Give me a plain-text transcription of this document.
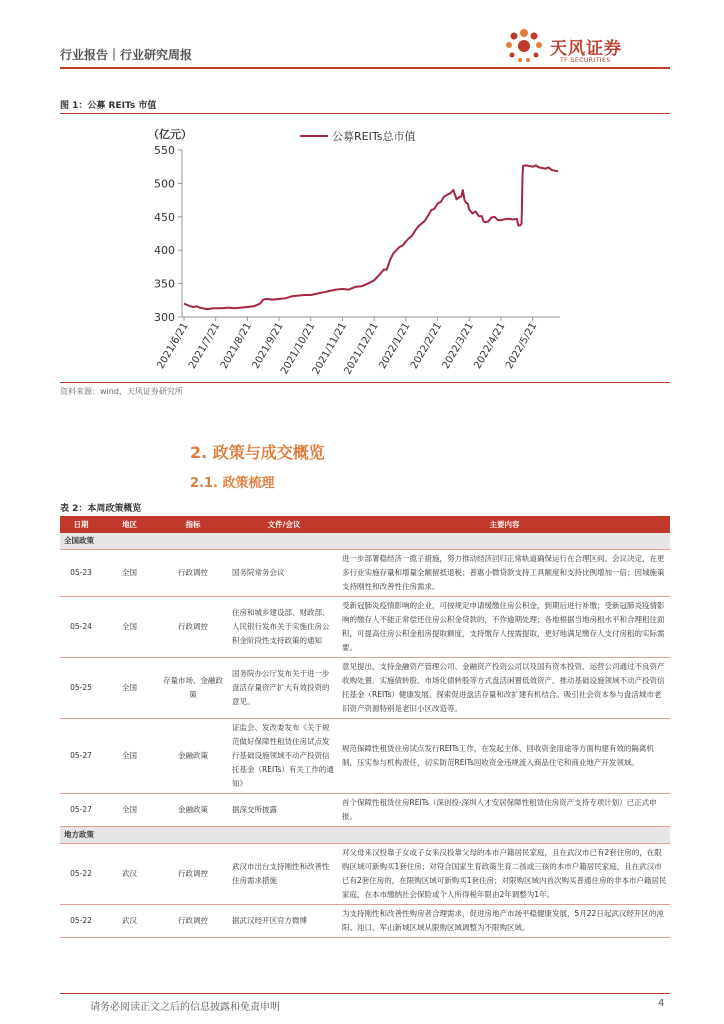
行业报告｜行业研究周报	天风证券
TF SECURITIES
图 1：公募 REITs 市值
300
350
400
450
500
550
（亿元）
2021/6/21
2021/7/21
2021/8/21
2021/9/21
2021/10/21
2021/11/21
2021/12/21
2022/1/21
2022/2/21
2022/3/21
2022/4/21
2022/5/21
公募REITs总市值
资料来源：wind，天风证券研究所
2. 政策与成交概览
2.1. 政策梳理
表 2：本周政策概览
日期	地区	指标	文件/会议	主要内容
全国政策				
05-23	全国	行政调控	国务院常务会议	进一步部署稳经济一揽子措施，努力推动经济回归正常轨道确保运行在合理区间。会议决定，在更多行业实施存量和增量全额留抵退税；普惠小微贷款支持工具额度和支持比例增加一倍；因城施策支持刚性和改善性住房需求。
05-24	全国	行政调控	住房和城乡建设部、财政部、人民银行发布关于实施住房公积金阶段性支持政策的通知	受新冠肺炎疫情影响的企业，可按规定申请缓缴住房公积金，到期后进行补缴；受新冠肺炎疫情影响的缴存人不能正常偿还住房公积金贷款的，不作逾期处理；各地根据当地房租水平和合理租住面积，可提高住房公积金租房提取额度，支持缴存人按需提取，更好地满足缴存人支付房租的实际需要。
05-25	全国	存量市场、金融政策	国务院办公厅发布关于进一步盘活存量资产扩大有效投资的意见。	意见提出，支持金融资产管理公司、金融资产投资公司以及国有资本投资、运营公司通过不良资产收购处置、实施债转股、市场化债转股等方式盘活闲置低效资产。推动基础设施领域不动产投资信托基金（REITs）健康发展。探索促进盘活存量和改扩建有机结合。吸引社会资本参与盘活城市老旧资产资源特别是老旧小区改造等。
05-27	全国	金融政策	证监会、发改委发布《关于规范做好保障性租赁住房试点发行基础设施领域不动产投资信托基金（REITs）有关工作的通知》	规范保障性租赁住房试点发行REITs工作，在发起主体、回收资金用途等方面构建有效的隔离机制，压实参与机构责任，切实防范REITs回收资金违规流入商品住宅和商业地产开发领域。
05-27	全国	金融政策	据深交所披露	首个保障性租赁住房REITs（深创投-深圳人才安居保障性租赁住房资产支持专项计划）已正式申报。
地方政策				
05-22	武汉	行政调控	武汉市出台支持刚性和改善性住房需求措施	对父母来汉投靠子女或子女来汉投靠父母的本市户籍居民家庭，且在武汉市已有2套住房的，在限购区域可新购买1套住房；对符合国家生育政策生育二孩或三孩的本市户籍居民家庭，且在武汉市已有2套住房的，在限购区域可新购买1套住房；对限购区域内首次购买普通住房的非本市户籍居民家庭，在本市缴纳社会保险或个人所得税年限由2年调整为1年。
05-22	武汉	行政调控	据武汉经开区官方微博	为支持刚性和改善性购房者合理需求，促进房地产市场平稳健康发展，5月22日起武汉经开区的沌阳、沌口、军山新城区域从限购区域调整为不限购区域。
请务必阅读正文之后的信息披露和免责申明	4
